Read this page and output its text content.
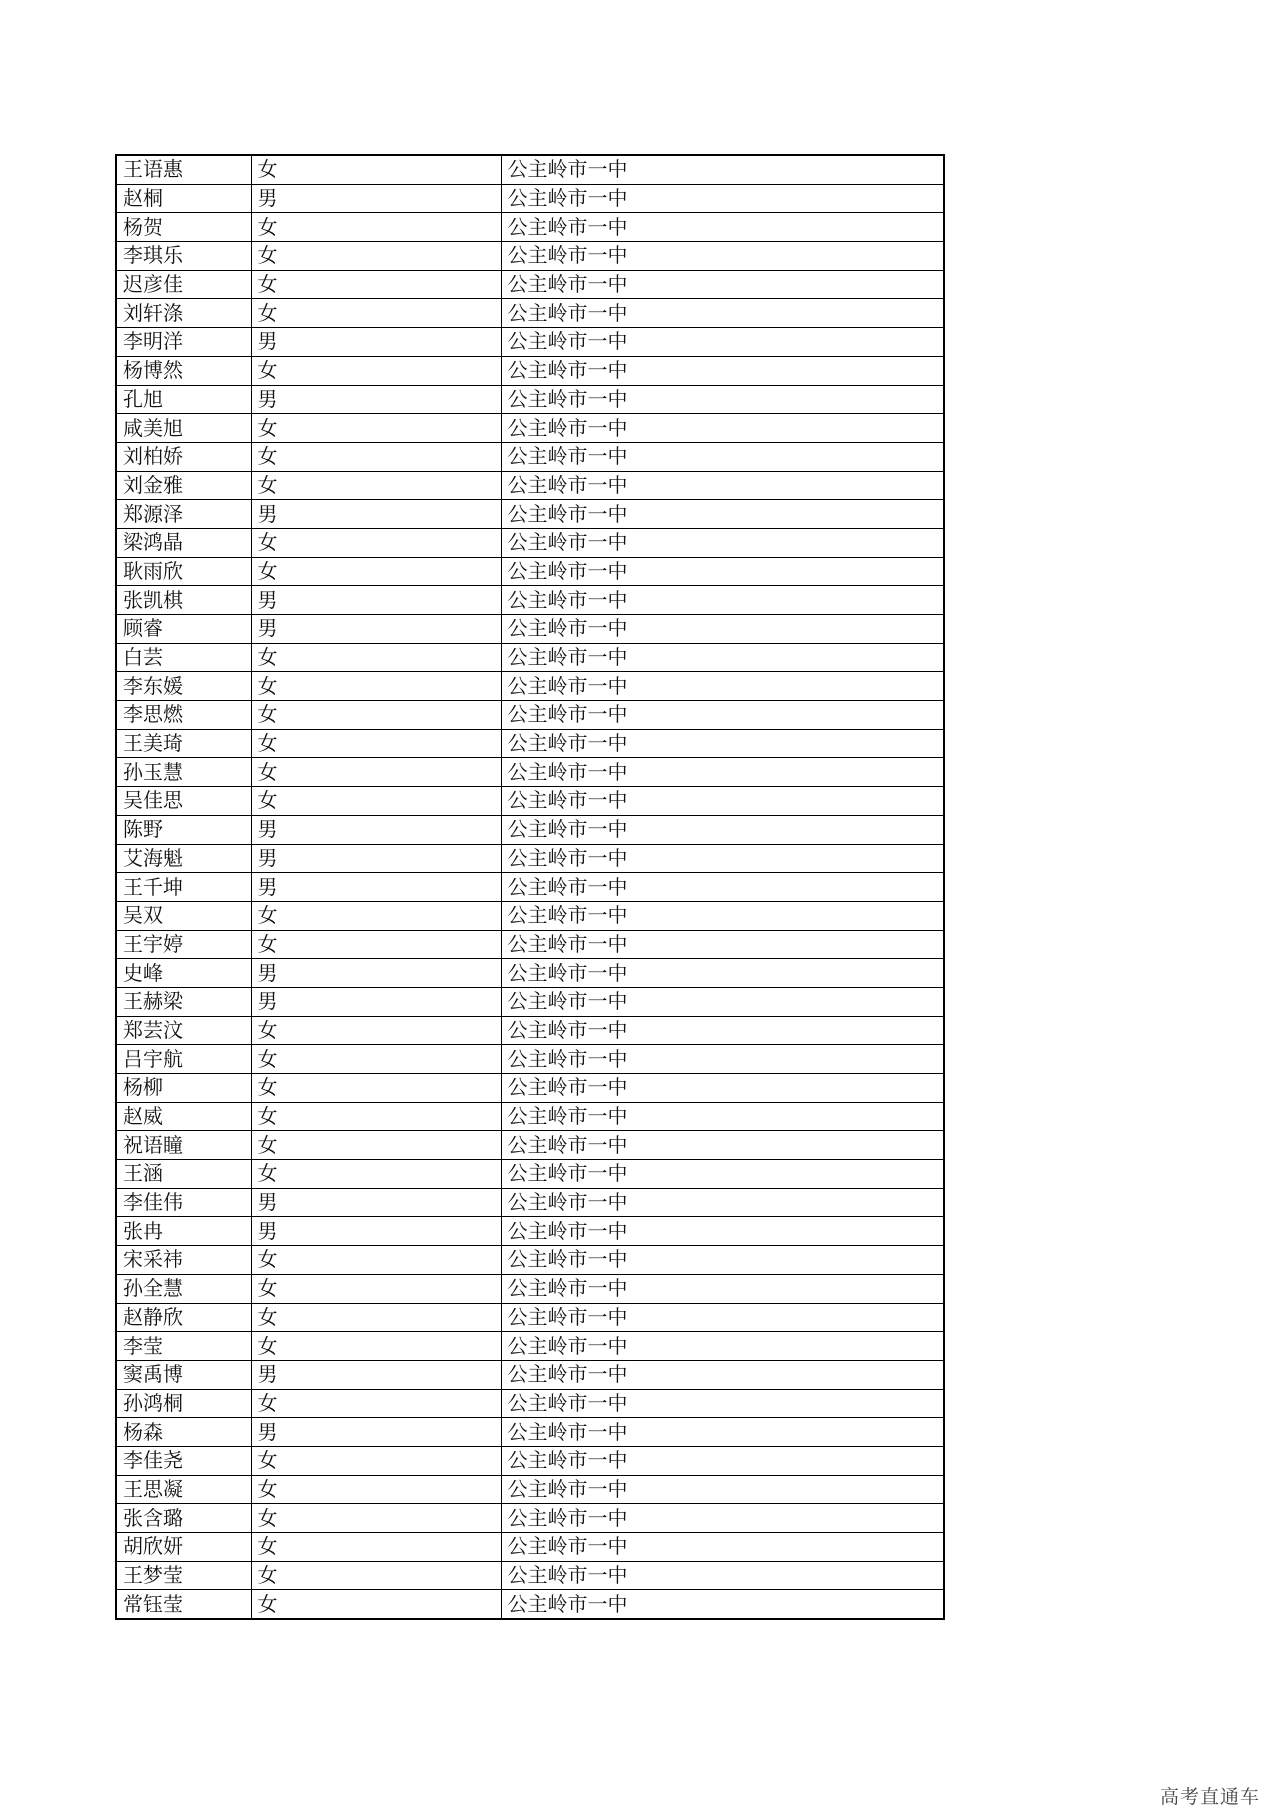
王语惠	女	公主岭市一中
赵桐	男	公主岭市一中
杨贺	女	公主岭市一中
李琪乐	女	公主岭市一中
迟彦佳	女	公主岭市一中
刘轩涤	女	公主岭市一中
李明洋	男	公主岭市一中
杨博然	女	公主岭市一中
孔旭	男	公主岭市一中
咸美旭	女	公主岭市一中
刘柏娇	女	公主岭市一中
刘金雅	女	公主岭市一中
郑源泽	男	公主岭市一中
梁鸿晶	女	公主岭市一中
耿雨欣	女	公主岭市一中
张凯棋	男	公主岭市一中
顾睿	男	公主岭市一中
白芸	女	公主岭市一中
李东媛	女	公主岭市一中
李思燃	女	公主岭市一中
王美琦	女	公主岭市一中
孙玉慧	女	公主岭市一中
吴佳思	女	公主岭市一中
陈野	男	公主岭市一中
艾海魁	男	公主岭市一中
王千坤	男	公主岭市一中
吴双	女	公主岭市一中
王宇婷	女	公主岭市一中
史峰	男	公主岭市一中
王赫梁	男	公主岭市一中
郑芸汶	女	公主岭市一中
吕宇航	女	公主岭市一中
杨柳	女	公主岭市一中
赵威	女	公主岭市一中
祝语瞳	女	公主岭市一中
王涵	女	公主岭市一中
李佳伟	男	公主岭市一中
张冉	男	公主岭市一中
宋采祎	女	公主岭市一中
孙全慧	女	公主岭市一中
赵静欣	女	公主岭市一中
李莹	女	公主岭市一中
窦禹博	男	公主岭市一中
孙鸿桐	女	公主岭市一中
杨森	男	公主岭市一中
李佳尧	女	公主岭市一中
王思凝	女	公主岭市一中
张含璐	女	公主岭市一中
胡欣妍	女	公主岭市一中
王梦莹	女	公主岭市一中
常钰莹	女	公主岭市一中
高考直通车
